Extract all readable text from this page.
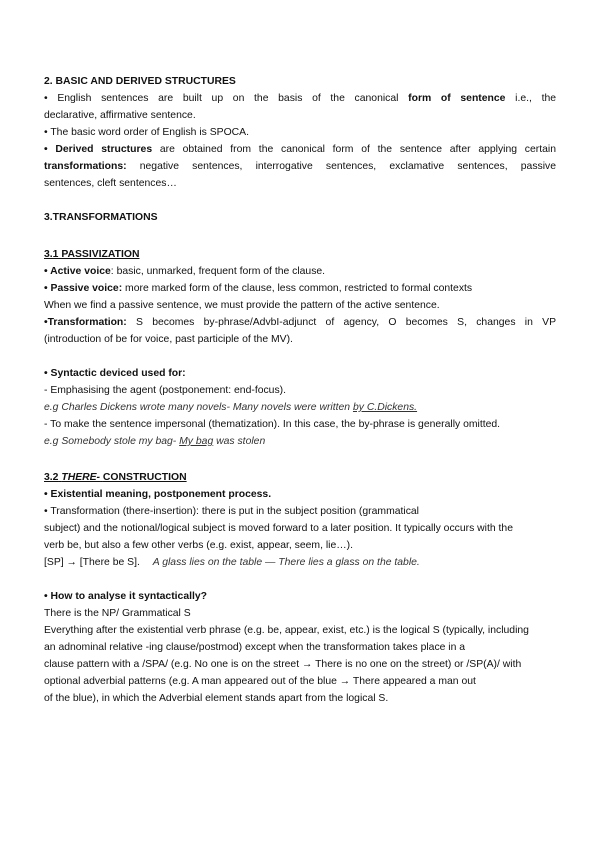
2. BASIC AND DERIVED STRUCTURES
• English sentences are built up on the basis of the canonical form of sentence i.e., the
declarative, affirmative sentence.
• The basic word order of English is SPOCA.
• Derived structures are obtained from the canonical form of the sentence after applying certain
transformations: negative sentences, interrogative sentences, exclamative sentences, passive
sentences, cleft sentences…
3.TRANSFORMATIONS
3.1 PASSIVIZATION
• Active voice: basic, unmarked, frequent form of the clause.
• Passive voice: more marked form of the clause, less common, restricted to formal contexts
When we find a passive sentence, we must provide the pattern of the active sentence.
•Transformation: S becomes by-phrase/AdvbI-adjunct of agency, O becomes S, changes in VP
(introduction of be for voice, past participle of the MV).
• Syntactic deviced used for:
- Emphasising the agent (postponement: end-focus).
e.g Charles Dickens wrote many novels- Many novels were written by C.Dickens.
- To make the sentence impersonal (thematization). In this case, the by-phrase is generally omitted.
e.g Somebody stole my bag- My bag was stolen
3.2 THERE- CONSTRUCTION
• Existential meaning, postponement process.
• Transformation (there-insertion): there is put in the subject position (grammatical
subject) and the notional/logical subject is moved forward to a later position. It typically occurs with the
verb be, but also a few other verbs (e.g. exist, appear, seem, lie…).
[SP] → [There be S]. A glass lies on the table — There lies a glass on the table.
• How to analyse it syntactically?
There is the NP/ Grammatical S
Everything after the existential verb phrase (e.g. be, appear, exist, etc.) is the logical S (typically, including
an adnominal relative -ing clause/postmod) except when the transformation takes place in a
clause pattern with a /SPA/ (e.g. No one is on the street → There is no one on the street) or /SP(A)/ with
optional adverbial patterns (e.g. A man appeared out of the blue → There appeared a man out
of the blue), in which the Adverbial element stands apart from the logical S.
